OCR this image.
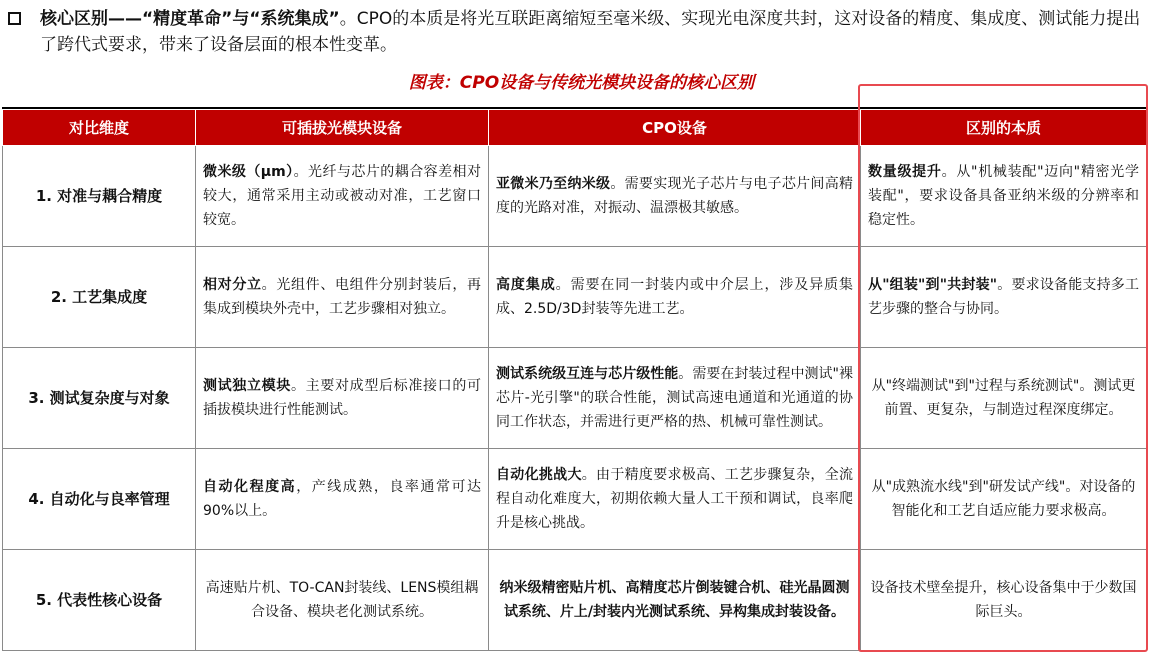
核心区别——“精度革命”与“系统集成”。CPO的本质是将光互联距离缩短至毫米级、实现光电深度共封，这对设备的精度、集成度、测试能力提出了跨代式要求，带来了设备层面的根本性变革。
图表：CPO设备与传统光模块设备的核心区别
对比维度	可插拔光模块设备	CPO设备	区别的本质
1. 对准与耦合精度	微米级（μm）。光纤与芯片的耦合容差相对较大，通常采用主动或被动对准，工艺窗口较宽。	亚微米乃至纳米级。需要实现光子芯片与电子芯片间高精度的光路对准，对振动、温漂极其敏感。	数量级提升。从"机械装配"迈向"精密光学装配"，要求设备具备亚纳米级的分辨率和稳定性。
2. 工艺集成度	相对分立。光组件、电组件分别封装后，再集成到模块外壳中，工艺步骤相对独立。	高度集成。需要在同一封装内或中介层上，涉及异质集成、2.5D/3D封装等先进工艺。	从"组装"到"共封装"。要求设备能支持多工艺步骤的整合与协同。
3. 测试复杂度与对象	测试独立模块。主要对成型后标准接口的可插拔模块进行性能测试。	测试系统级互连与芯片级性能。需要在封装过程中测试"裸芯片-光引擎"的联合性能，测试高速电通道和光通道的协同工作状态，并需进行更严格的热、机械可靠性测试。	从"终端测试"到"过程与系统测试"。测试更前置、更复杂，与制造过程深度绑定。
4. 自动化与良率管理	自动化程度高，产线成熟，良率通常可达90%以上。	自动化挑战大。由于精度要求极高、工艺步骤复杂，全流程自动化难度大，初期依赖大量人工干预和调试，良率爬升是核心挑战。	从"成熟流水线"到"研发试产线"。对设备的智能化和工艺自适应能力要求极高。
5. 代表性核心设备	高速贴片机、TO-CAN封装线、LENS模组耦合设备、模块老化测试系统。	纳米级精密贴片机、高精度芯片倒装键合机、硅光晶圆测试系统、片上/封装内光测试系统、异构集成封装设备。	设备技术壁垒提升，核心设备集中于少数国际巨头。
